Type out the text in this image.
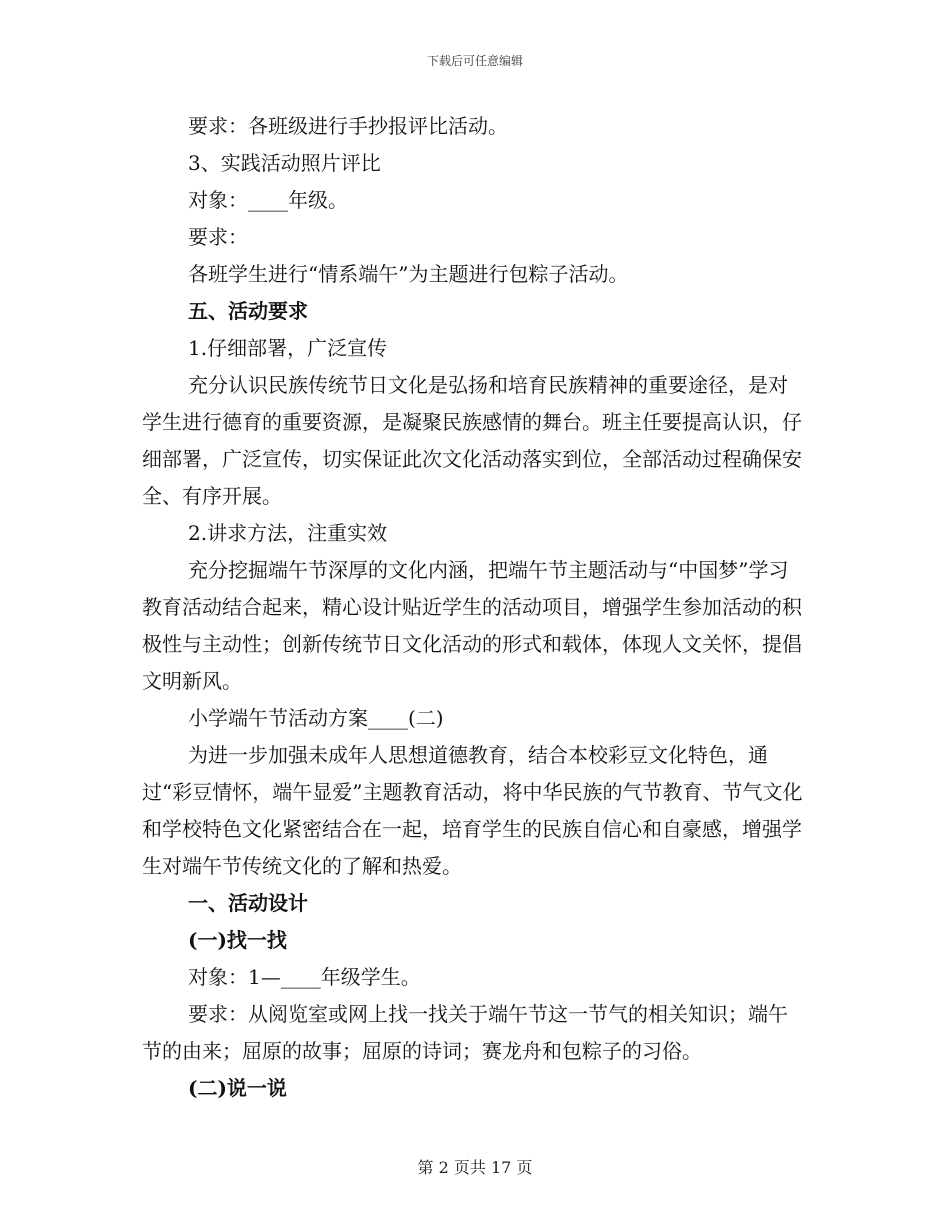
下载后可任意编辑

要求：各班级进行手抄报评比活动。

3、实践活动照片评比

对象：____年级。

要求：

各班学生进行“情系端午”为主题进行包粽子活动。

五、活动要求

1.仔细部署，广泛宣传

充分认识民族传统节日文化是弘扬和培育民族精神的重要途径，是对学生进行德育的重要资源，是凝聚民族感情的舞台。班主任要提高认识，仔细部署，广泛宣传，切实保证此次文化活动落实到位，全部活动过程确保安全、有序开展。

2.讲求方法，注重实效

充分挖掘端午节深厚的文化内涵，把端午节主题活动与“中国梦”学习教育活动结合起来，精心设计贴近学生的活动项目，增强学生参加活动的积极性与主动性；创新传统节日文化活动的形式和载体，体现人文关怀，提倡文明新风。

小学端午节活动方案____(二)

为进一步加强未成年人思想道德教育，结合本校彩豆文化特色，通过“彩豆情怀，端午显爱”主题教育活动，将中华民族的气节教育、节气文化和学校特色文化紧密结合在一起，培育学生的民族自信心和自豪感，增强学生对端午节传统文化的了解和热爱。

一、活动设计

(一)找一找

对象：1—____年级学生。

要求：从阅览室或网上找一找关于端午节这一节气的相关知识；端午节的由来；屈原的故事；屈原的诗词；赛龙舟和包粽子的习俗。

(二)说一说

第 2 页共 17 页
